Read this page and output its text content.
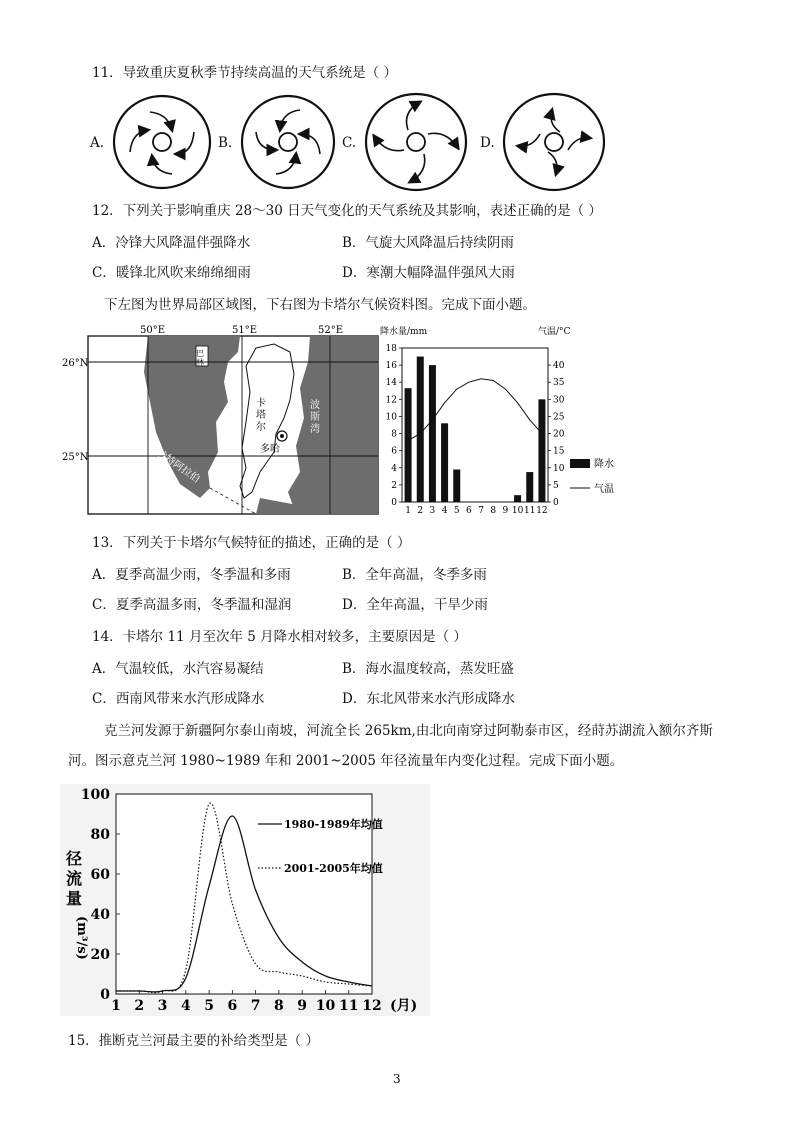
11．导致重庆夏秋季节持续高温的天气系统是（ ）
A.	B.	C.	D.
12．下列关于影响重庆 28～30 日天气变化的天气系统及其影响，表述正确的是（ ）
A．冷锋大风降温伴强降水	B．气旋大风降温后持续阴雨
C．暖锋北风吹来绵绵细雨	D．寒潮大幅降温伴强风大雨
下左图为世界局部区域图，下右图为卡塔尔气候资料图。完成下面小题。
50°E	51°E	52°E
26°N
25°N
巴
林
卡
塔
尔
多哈
波
斯
湾
沙特阿拉伯
降水量/mm	气温/°C
0
2
4
6
8
10
12
14
16
18
0
5
10
15
20
25
30
35
40
1 2 3 4 5 6 7 8 9 10 11 12
降水
气温
13．下列关于卡塔尔气候特征的描述，正确的是（ ）
A．夏季高温少雨，冬季温和多雨	B．全年高温，冬季多雨
C．夏季高温多雨，冬季温和湿润	D．全年高温，干旱少雨
14．卡塔尔 11 月至次年 5 月降水相对较多，主要原因是（ ）
A．气温较低，水汽容易凝结	B．海水温度较高，蒸发旺盛
C．西南风带来水汽形成降水	D．东北风带来水汽形成降水
克兰河发源于新疆阿尔泰山南坡，河流全长 265km,由北向南穿过阿勒泰市区，经莳苏湖流入额尔齐斯
河。图示意克兰河 1980~1989 年和 2001~2005 年径流量年内变化过程。完成下面小题。
径
流
量
(m³/s)
0
20
40
60
80
100
1 2 3 4 5 6 7 8 9 10 11 12
1980-1989年均值
2001-2005年均值
(月)
15．推断克兰河最主要的补给类型是（ ）
3
